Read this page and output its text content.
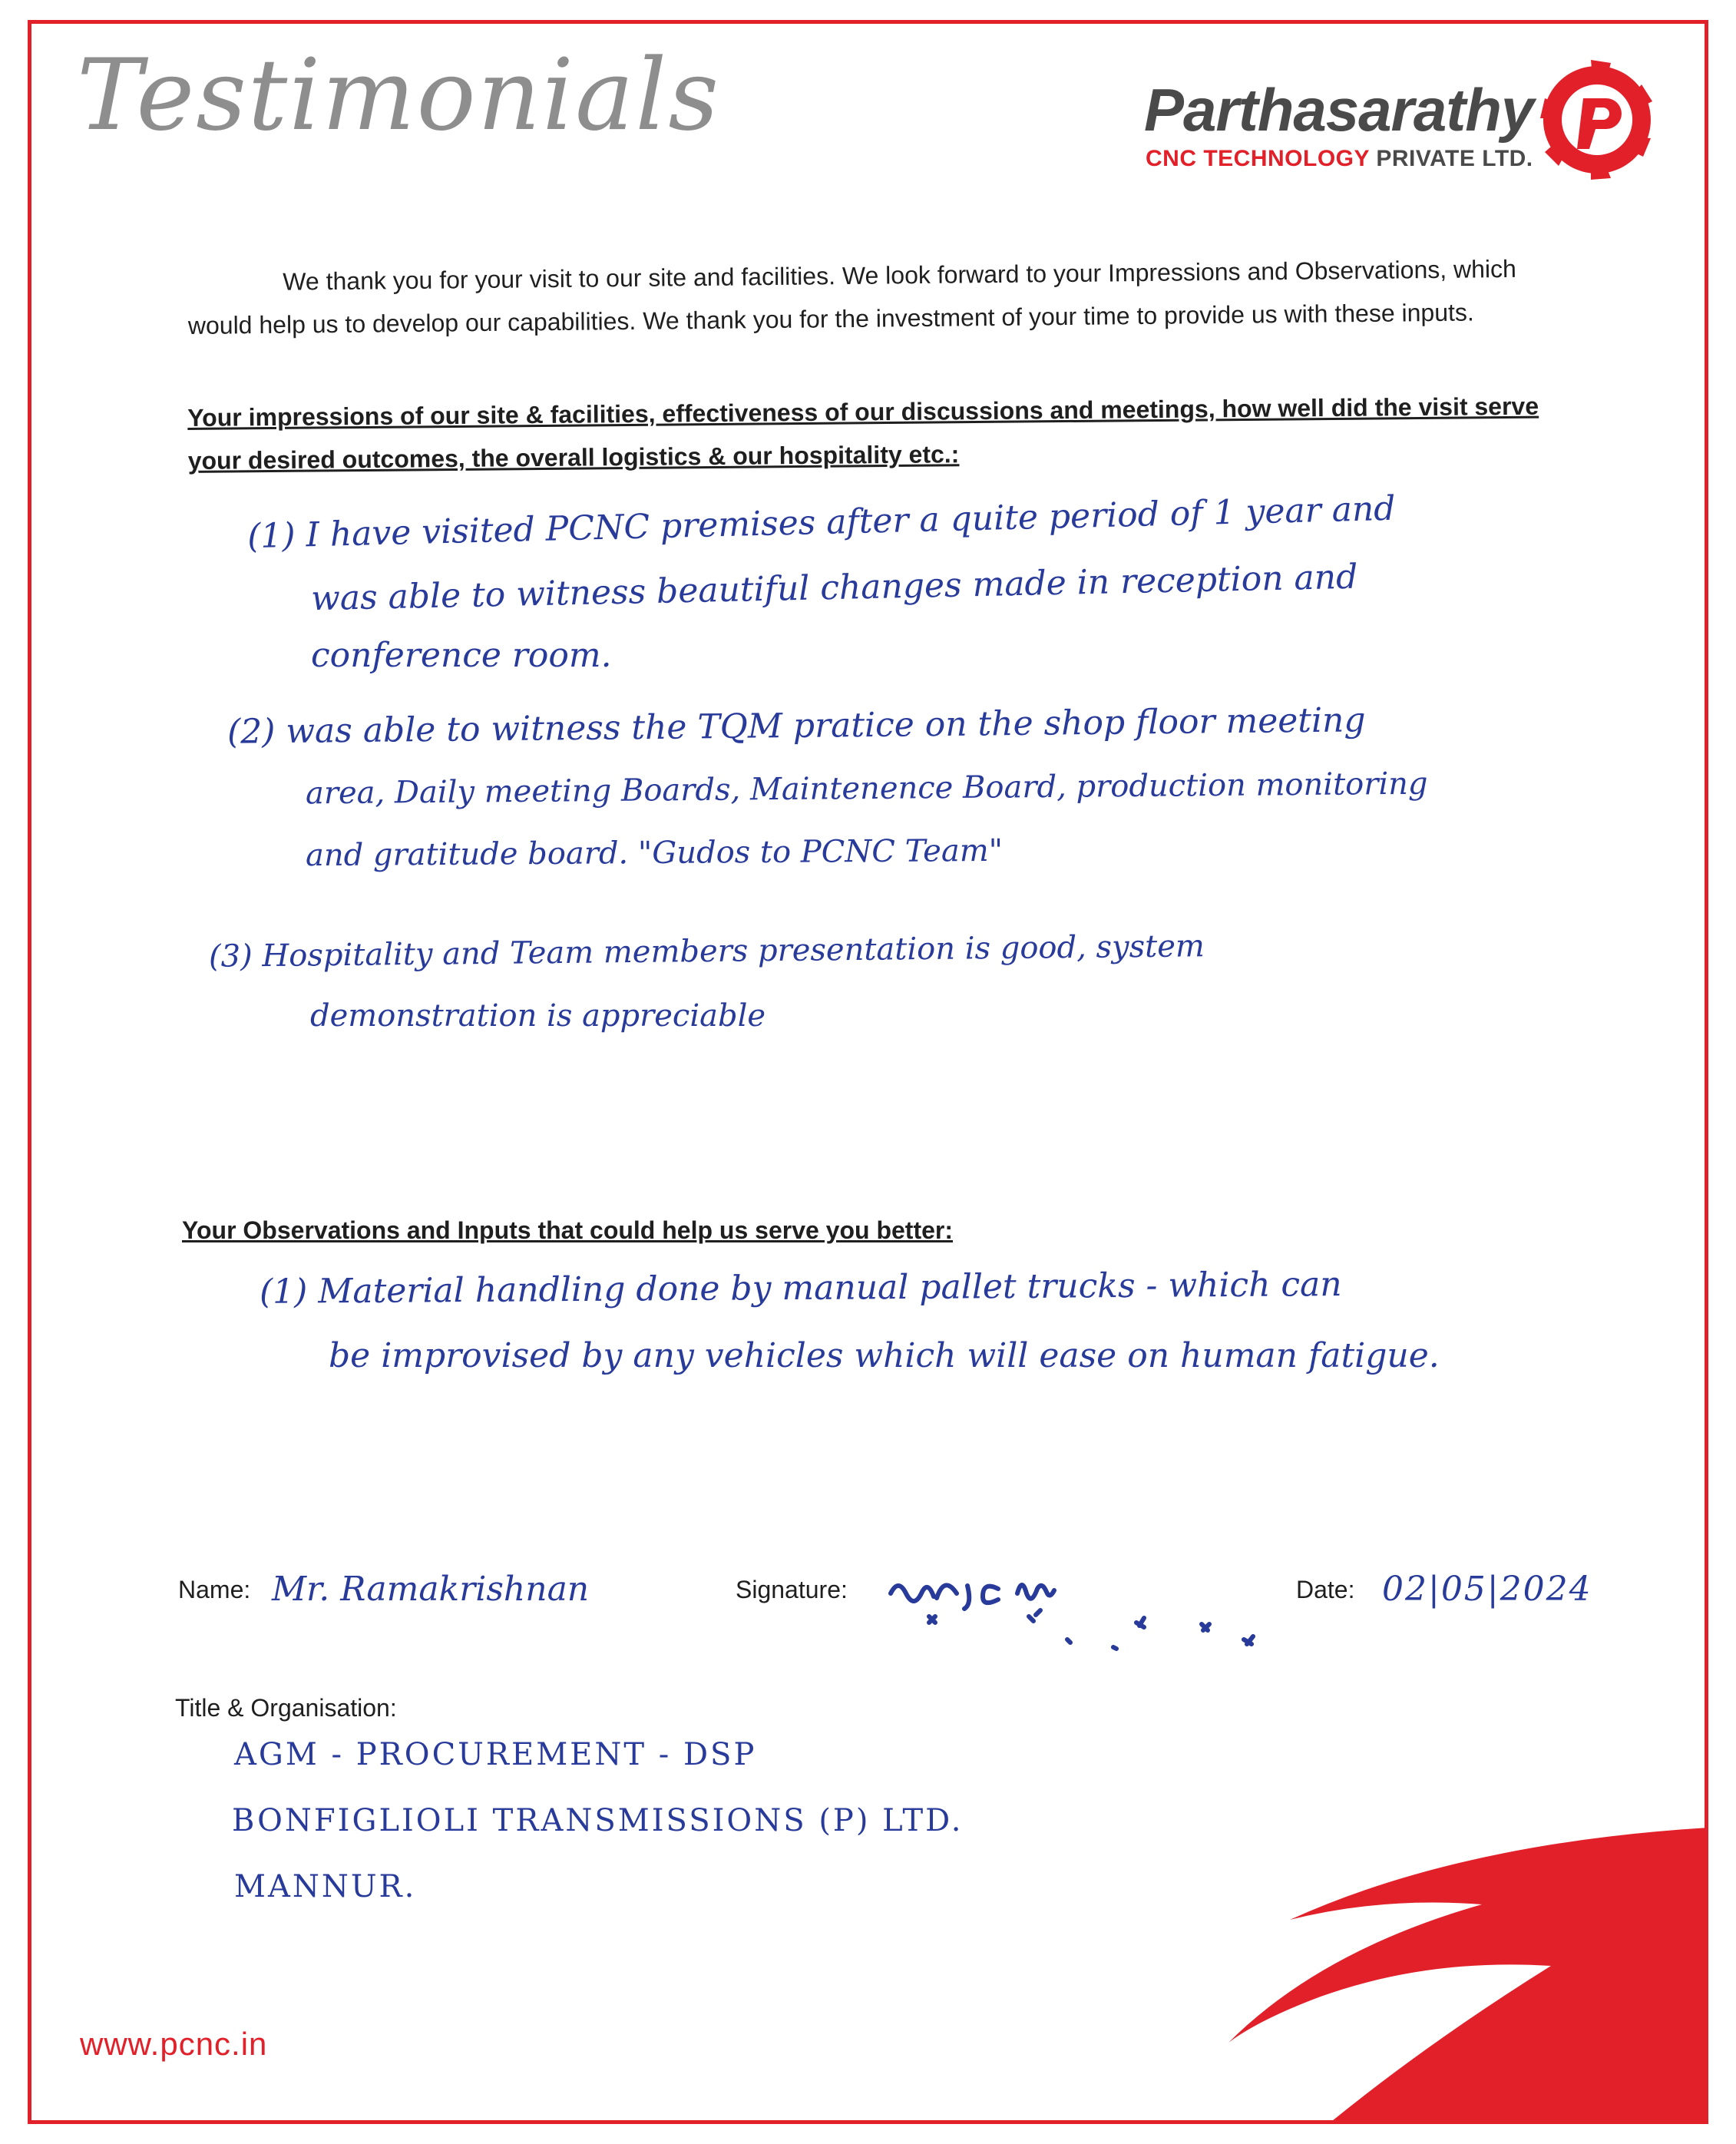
Testimonials	Parthasarathy
CNC TECHNOLOGY PRIVATE LTD.
We thank you for your visit to our site and facilities. We look forward to your Impressions and Observations, which would help us to develop our capabilities. We thank you for the investment of your time to provide us with these inputs.
Your impressions of our site & facilities, effectiveness of our discussions and meetings, how well did the visit serve your desired outcomes, the overall logistics & our hospitality etc.:
(1) I have visited PCNC premises after a quite period of 1 year and
was able to witness beautiful changes made in reception and
conference room.
(2) was able to witness the TQM pratice on the shop floor meeting
area, Daily meeting Boards, Maintenence Board, production monitoring
and gratitude board. "Gudos to PCNC Team"
(3) Hospitality and Team members presentation is good, system
demonstration is appreciable
Your Observations and Inputs that could help us serve you better:
(1) Material handling done by manual pallet trucks - which can
be improvised by any vehicles which will ease on human fatigue.
Name: Mr. Ramakrishnan	Signature:	Date: 02|05|2024
Title & Organisation:
AGM - PROCUREMENT - DSP
BONFIGLIOLI TRANSMISSIONS (P) LTD.
MANNUR.
www.pcnc.in
